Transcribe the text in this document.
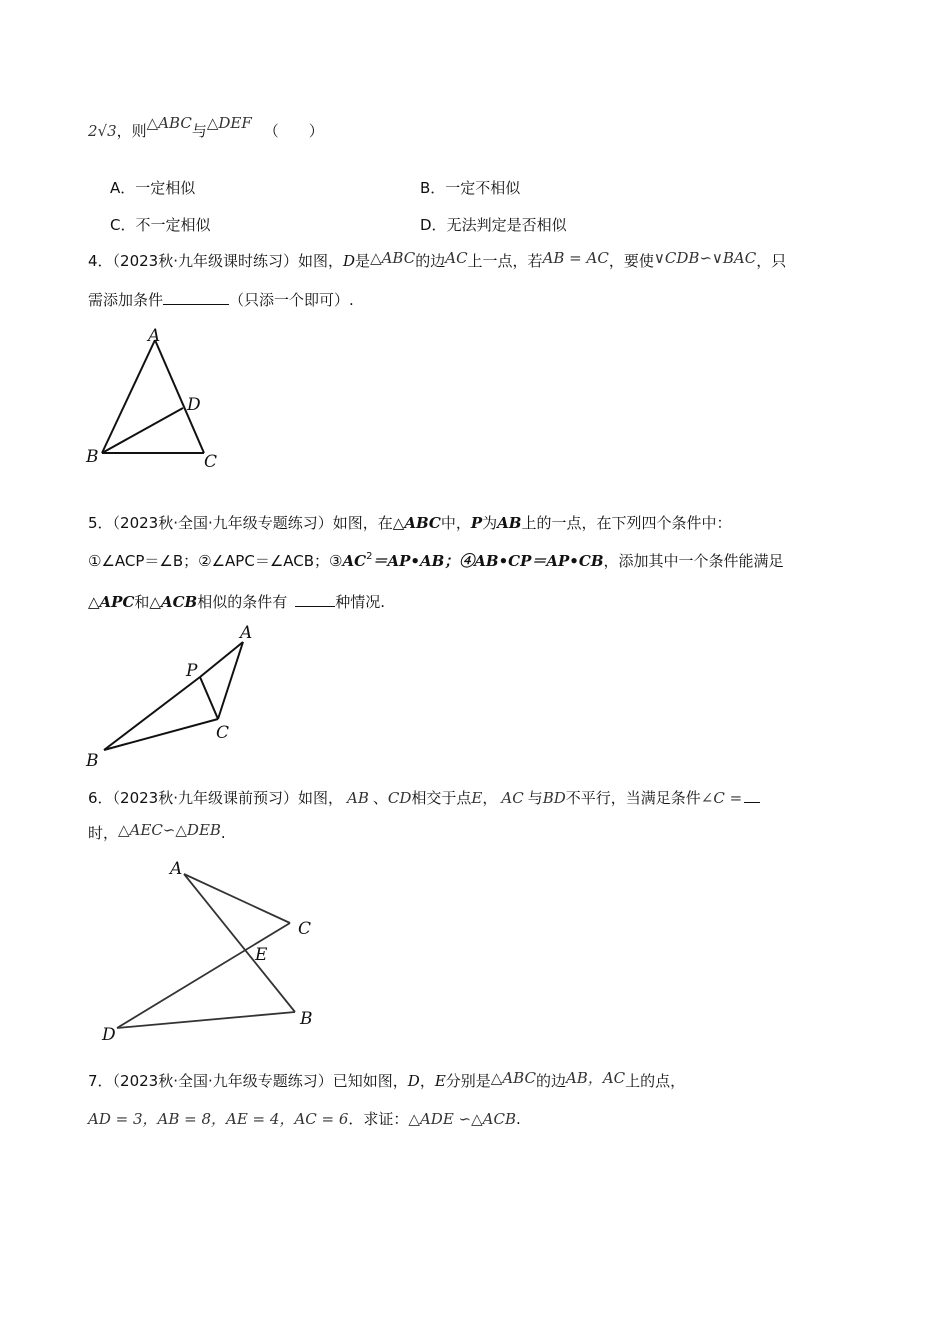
2√3，则△ABC与△DEF （　　）
A．一定相似	B．一定不相似
C．不一定相似	D．无法判定是否相似
4．（2023秋·九年级课时练习）如图，D是△ABC的边AC上一点，若AB = AC，要使∨CDB∽∨BAC，只
需添加条件	（只添一个即可）.
A
D
B	C
5．（2023秋·全国·九年级专题练习）如图，在△ABC中，P为AB上的一点，在下列四个条件中：
①∠ACP＝∠B；②∠APC＝∠ACB；$③AC^2=AP•AB$；④AB•CP＝AP•CB，添加其中一个条件能满足
△APC和△ACB相似的条件有	种情况.
A
P
C
B
6．（2023秋·九年级课前预习）如图， AB 、CD相交于点E， AC 与BD不平行，当满足条件∠C =
时，△AEC∽△DEB.
A
C
E
D
B
7．（2023秋·全国·九年级专题练习）已知如图，D，E分别是△ABC的边AB，AC上的点，
AD = 3，AB = 8，AE = 4，AC = 6．求证：△ADE ∽△ACB.
